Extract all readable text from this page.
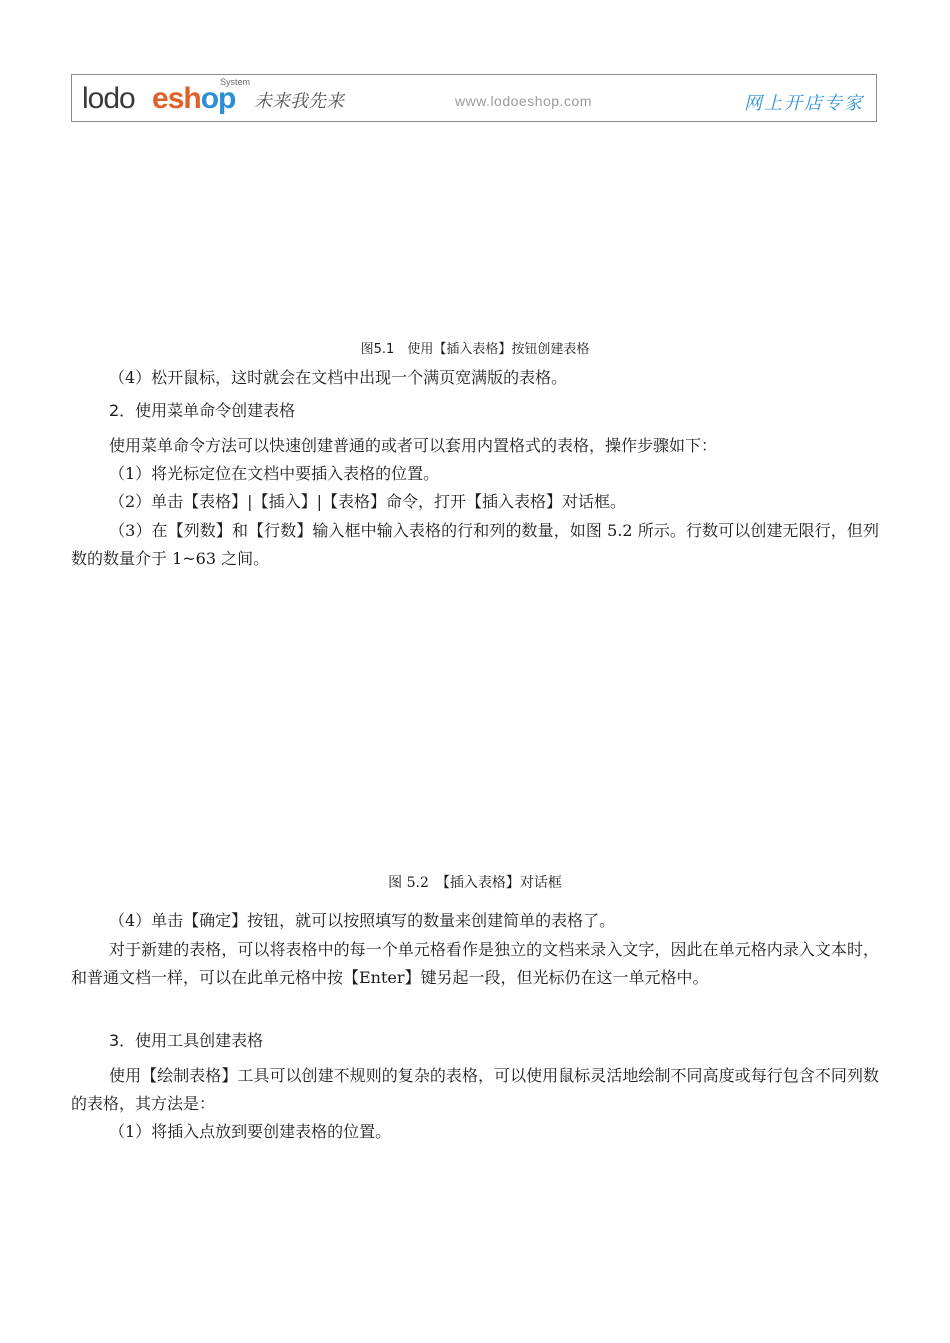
lodo eshop
System
未来我先来	www.lodoeshop.com	网上开店专家
图5.1　使用【插入表格】按钮创建表格
（4）松开鼠标，这时就会在文档中出现一个满页宽满版的表格。
2．使用菜单命令创建表格
使用菜单命令方法可以快速创建普通的或者可以套用内置格式的表格，操作步骤如下：
（1）将光标定位在文档中要插入表格的位置。
（2）单击【表格】|【插入】|【表格】命令，打开【插入表格】对话框。
（3）在【列数】和【行数】输入框中输入表格的行和列的数量，如图 5.2 所示。行数可以创建无限行，但列数的数量介于 1~63 之间。
图 5.2　【插入表格】对话框
（4）单击【确定】按钮，就可以按照填写的数量来创建简单的表格了。
对于新建的表格，可以将表格中的每一个单元格看作是独立的文档来录入文字，因此在单元格内录入文本时，和普通文档一样，可以在此单元格中按【Enter】键另起一段，但光标仍在这一单元格中。
3．使用工具创建表格
使用【绘制表格】工具可以创建不规则的复杂的表格，可以使用鼠标灵活地绘制不同高度或每行包含不同列数的表格，其方法是：
（1）将插入点放到要创建表格的位置。
